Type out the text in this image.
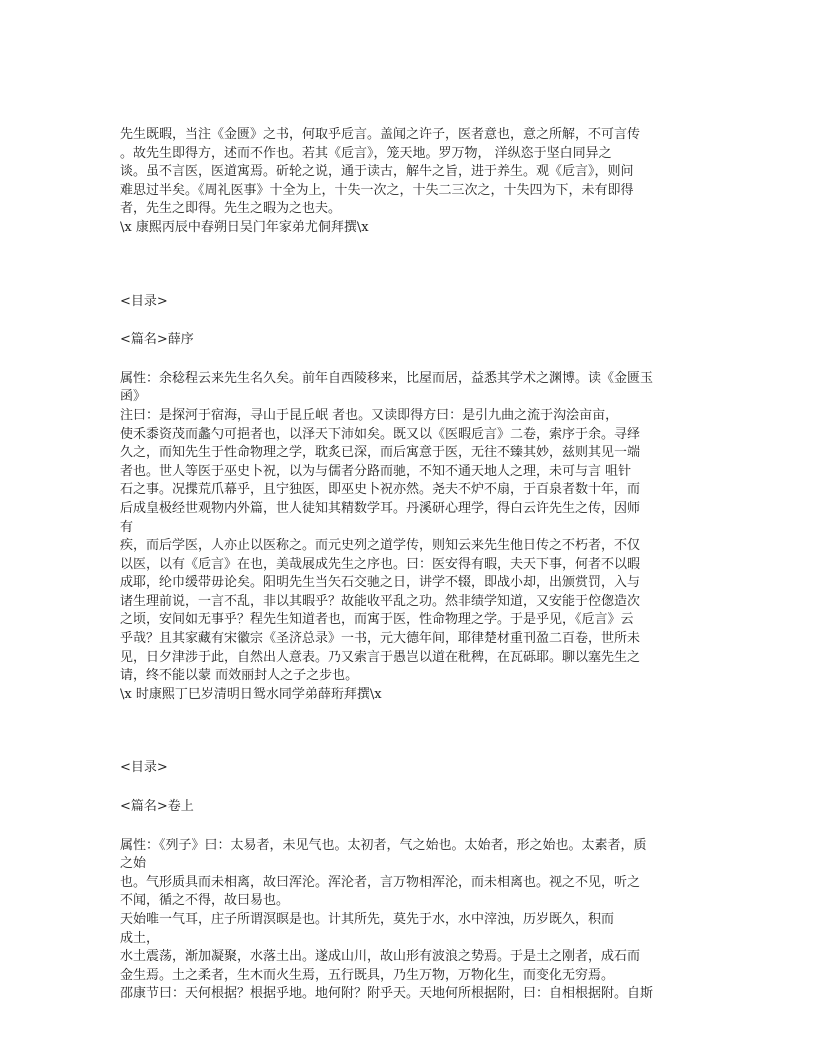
先生既暇，当注《金匮》之书，何取乎卮言。盖闻之许子，医者意也，意之所解，不可言传
。故先生即得方，述而不作也。若其《卮言》，笼天地。罗万物， 洋纵恣于坚白同异之
谈。虽不言医，医道寓焉。斫轮之说，通于读古，解牛之旨，进于养生。观《卮言》，则问
难思过半矣。《周礼医事》十全为上，十失一次之，十失二三次之，十失四为下，未有即得
者，先生之即得。先生之暇为之也夫。
\x 康熙丙辰中春朔日吴门年家弟尤侗拜撰\x
<目录>
<篇名>薛序
属性：余稔程云来先生名久矣。前年自西陵移来，比屋而居，益悉其学术之渊博。读《金匮玉
函》
注曰：是探河于宿海，寻山于昆丘岷 者也。又读即得方曰：是引九曲之流于沟浍亩亩，
使禾黍资茂而蠡勺可挹者也，以泽天下沛如矣。既又以《医暇卮言》二卷，索序于余。寻绎
久之，而知先生于性命物理之学，耽炙已深，而后寓意于医，无往不臻其妙，兹则其见一端
者也。世人等医于巫史卜祝，以为与儒者分路而驰，不知不通天地人之理，未可与言 咀针
石之事。况揲荒爪幕乎，且宁独医，即巫史卜祝亦然。尧夫不炉不扇，于百泉者数十年，而
后成皇极经世观物内外篇，世人徒知其精数学耳。丹溪研心理学，得白云许先生之传，因师
有
疾，而后学医，人亦止以医称之。而元史列之道学传，则知云来先生他日传之不朽者，不仅
以医，以有《卮言》在也，美哉展成先生之序也。曰：医安得有暇，夫天下事，何者不以暇
成耶，纶巾缓带毋论矣。阳明先生当矢石交驰之日，讲学不辍，即战小却，出颁赏罚，入与
诸生理前说，一言不乱，非以其暇乎？故能收平乱之功。然非绩学知道，又安能于倥偬造次
之顷，安间如无事乎？程先生知道者也，而寓于医，性命物理之学。于是乎见，《卮言》云
乎哉？且其家藏有宋徽宗《圣济总录》一书，元大德年间，耶律楚材重刊盈二百卷，世所未
见，日夕津涉于此，自然出人意表。乃又索言于愚岂以道在秕稗，在瓦砾耶。聊以塞先生之
请，终不能以蒙 而效丽封人之子之步也。
\x 时康熙丁巳岁清明日鸳水同学弟薛珩拜撰\x
<目录>
<篇名>卷上
属性：《列子》曰：太易者，未见气也。太初者，气之始也。太始者，形之始也。太素者，质
之始
也。气形质具而未相离，故曰浑沦。浑沦者，言万物相浑沦，而未相离也。视之不见，听之
不闻，循之不得，故曰易也。
天始唯一气耳，庄子所谓溟暝是也。计其所先，莫先于水，水中滓浊，历岁既久，积而
成土，
水土震荡，渐加凝聚，水落土出。遂成山川，故山形有波浪之势焉。于是土之刚者，成石而
金生焉。土之柔者，生木而火生焉，五行既具，乃生万物，万物化生，而变化无穷焉。
邵康节曰：天何根据？根据乎地。地何附？附乎天。天地何所根据附，曰：自相根据附。自斯
